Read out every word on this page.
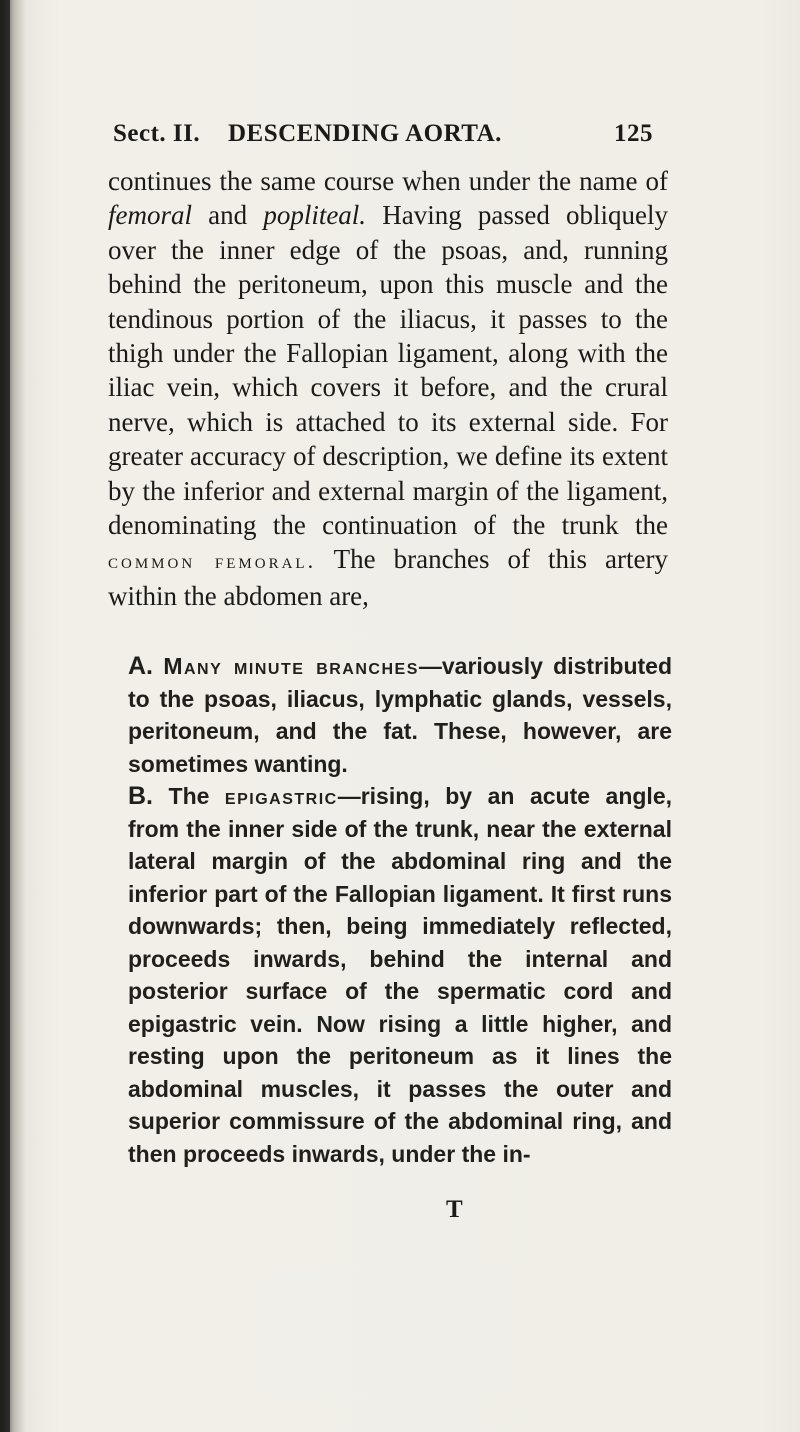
Sect. II. DESCENDING AORTA.	125

continues the same course when under the name of femoral and popliteal. Having passed obliquely over the inner edge of the psoas, and, running behind the peritoneum, upon this muscle and the tendinous portion of the iliacus, it passes to the thigh under the Fallopian ligament, along with the iliac vein, which covers it before, and the crural nerve, which is attached to its external side. For greater accuracy of description, we define its extent by the inferior and external margin of the ligament, denominating the continuation of the trunk the common femoral. The branches of this artery within the abdomen are,

A. Many minute branches—variously distributed to the psoas, iliacus, lymphatic glands, vessels, peritoneum, and the fat. These, however, are sometimes wanting.

B. The epigastric—rising, by an acute angle, from the inner side of the trunk, near the external lateral margin of the abdominal ring and the inferior part of the Fallopian ligament. It first runs downwards; then, being immediately reflected, proceeds inwards, behind the internal and posterior surface of the spermatic cord and epigastric vein. Now rising a little higher, and resting upon the peritoneum as it lines the abdominal muscles, it passes the outer and superior commissure of the abdominal ring, and then proceeds inwards, under the in-

T
